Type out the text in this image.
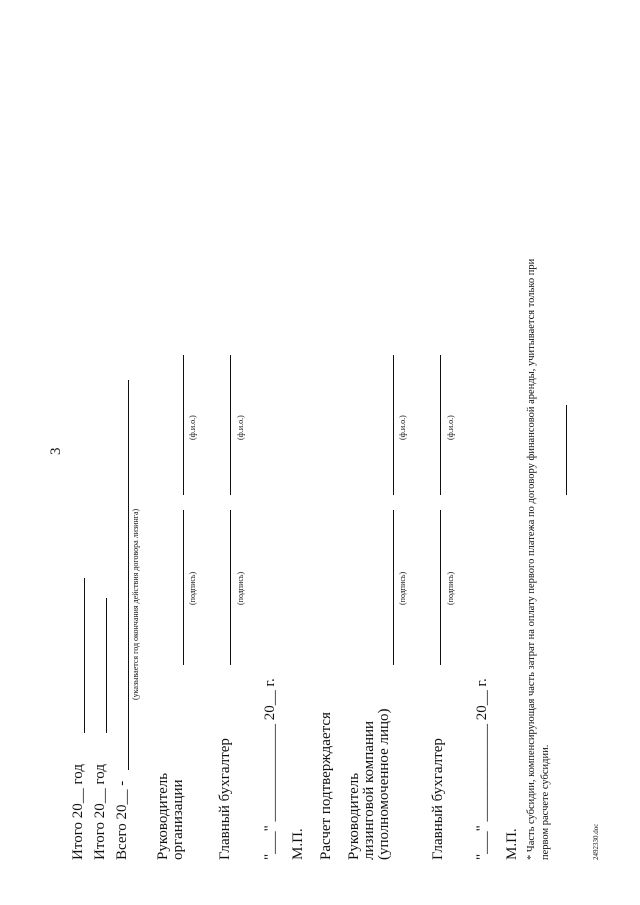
3
Итого 20__ год Итого 20__ год Всего 20__ -
(указывается год окончания действия договора лизинга)
Руководитель организации
(подпись)
(ф.и.о.)
Главный бухгалтер
(подпись)
(ф.и.о.)
"___" _____________ 20__ г. М.П. Расчет подтверждается Руководитель лизинговой компании (уполномоченное лицо)
(подпись)
(ф.и.о.)
Главный бухгалтер
(подпись)
(ф.и.о.)
"___" _____________ 20__ г. М.П. * Часть субсидии, компенсирующая часть затрат на оплату первого платежа по договору финансовой аренды, учитывается только при первом расчете субсидии.	2492330.doc
